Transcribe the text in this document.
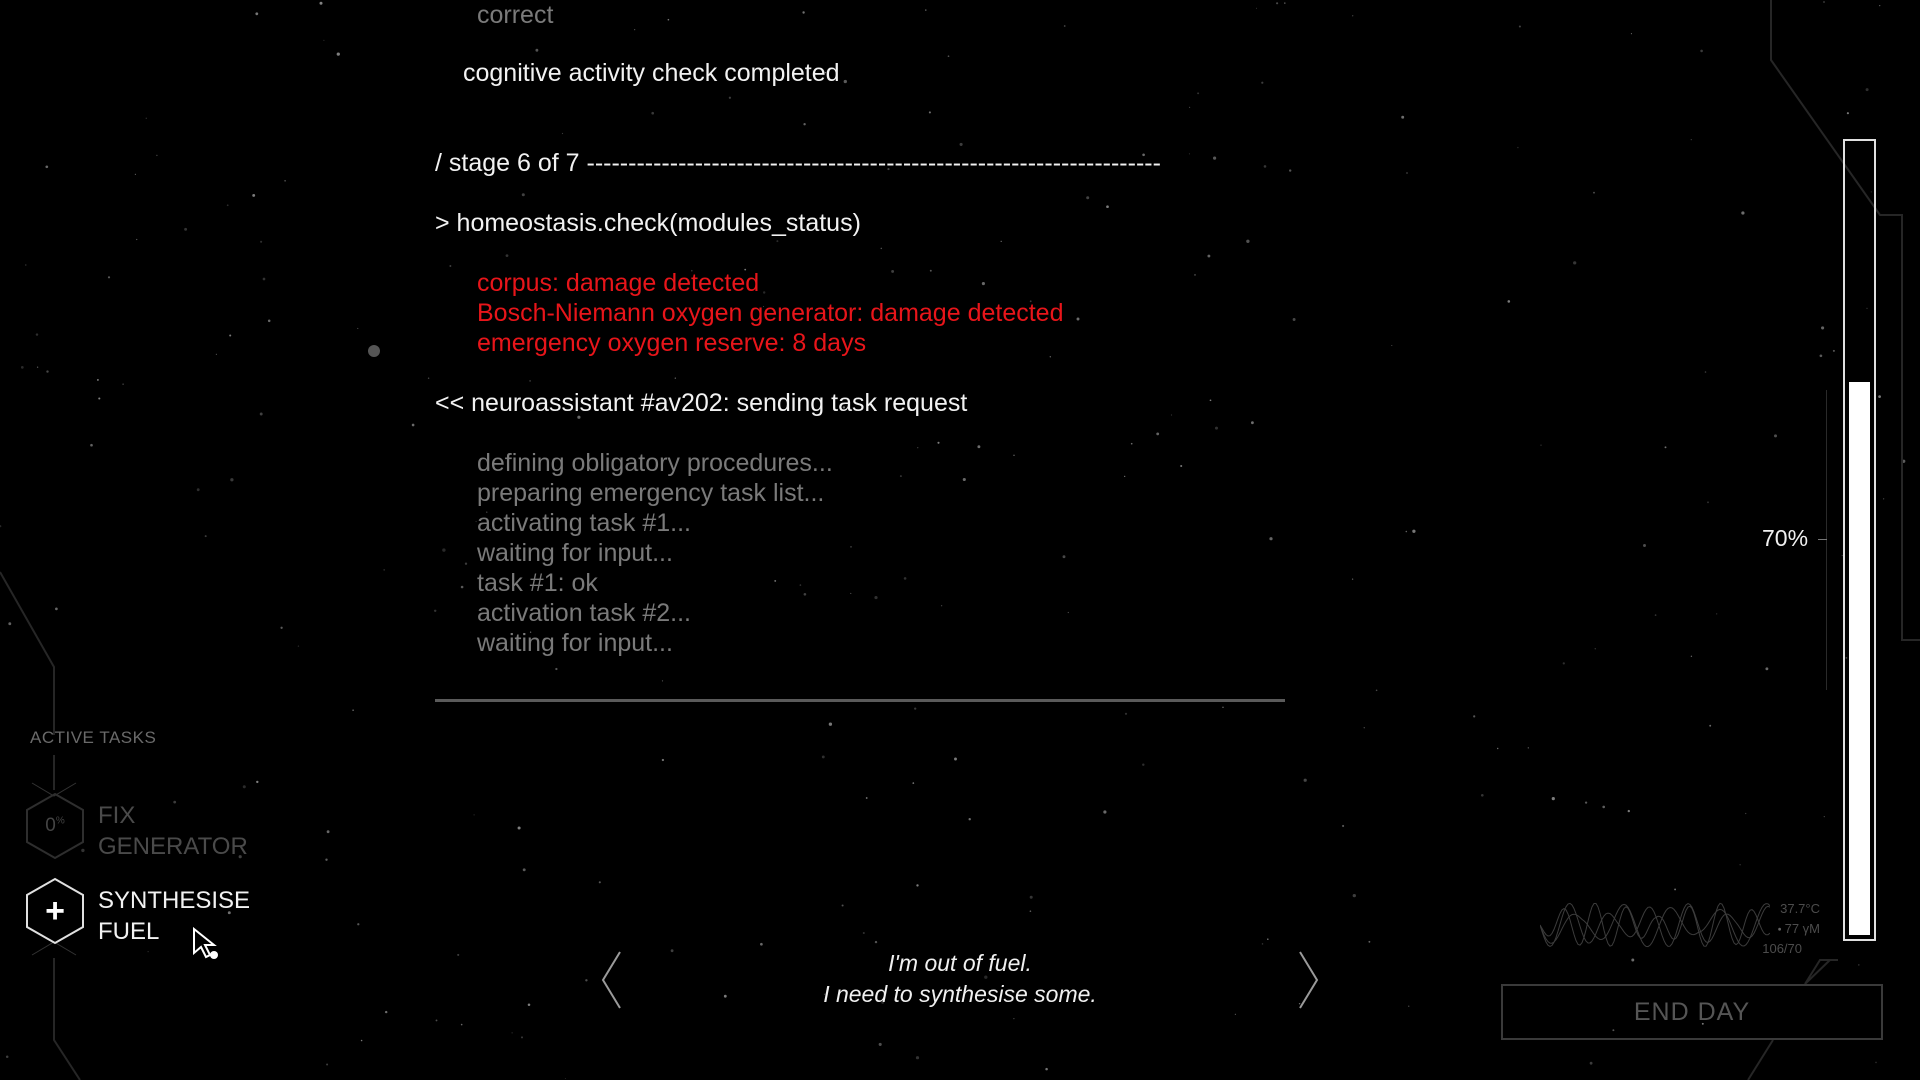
correct
cognitive activity check completed
/ stage 6 of 7 ---------------------------------------------------------------------
> homeostasis.check(modules_status)
corpus: damage detected
Bosch-Niemann oxygen generator: damage detected
emergency oxygen reserve: 8 days
<< neuroassistant #av202: sending task request
defining obligatory procedures...
preparing emergency task list...
activating task #1...
waiting for input...
task #1: ok
activation task #2...
waiting for input...
ACTIVE TASKS
0% FIX
GENERATOR
+ SYNTHESISE
FUEL
I'm out of fuel.
I need to synthesise some.
70%
37.7°C
77 γM
106/70
END DAY
